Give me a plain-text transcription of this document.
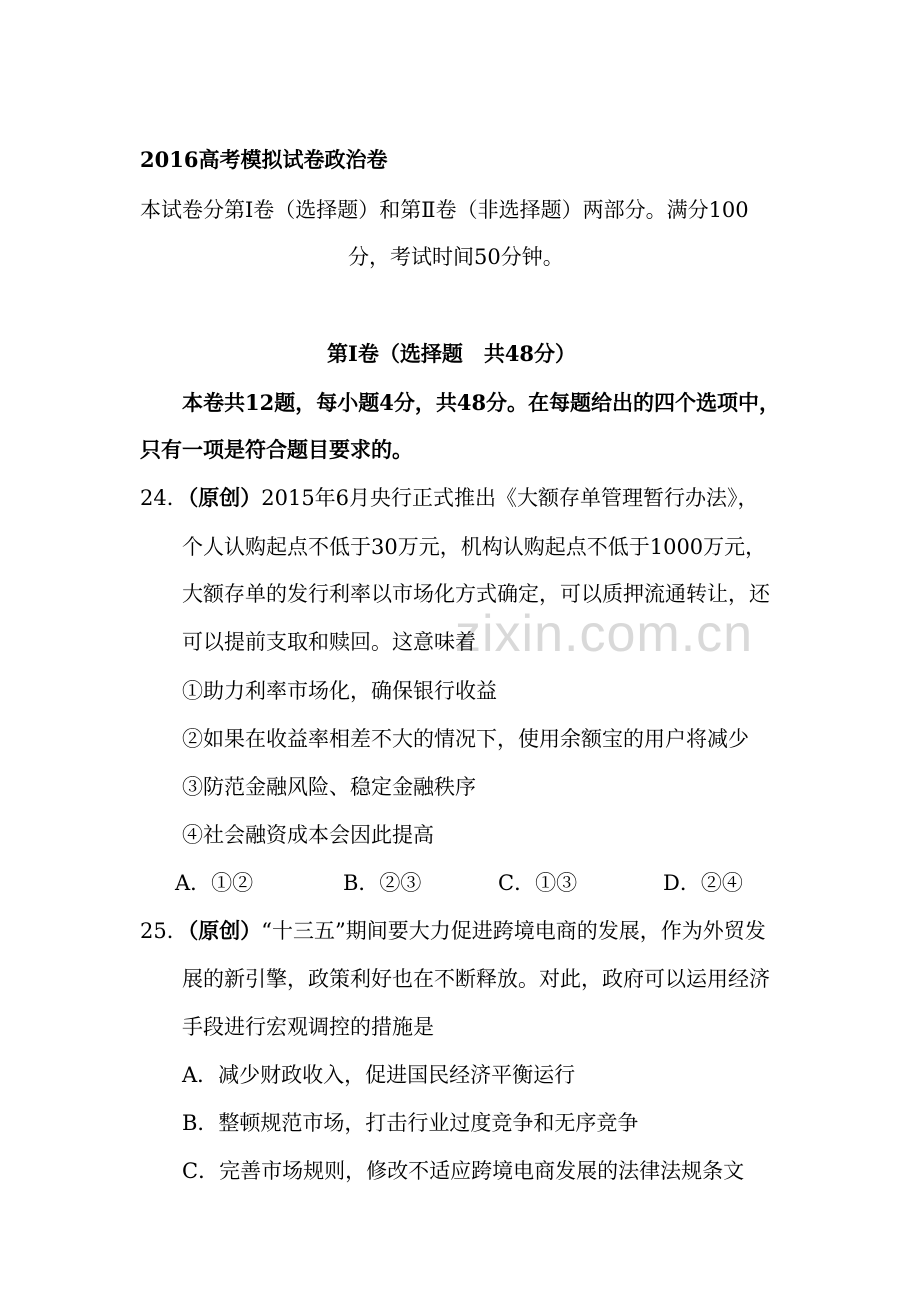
zixin.com.cn
2016高考模拟试卷政治卷
本试卷分第Ⅰ卷（选择题）和第Ⅱ卷（非选择题）两部分。满分100
分，考试时间50分钟。
第Ⅰ卷（选择题　共48分）
本卷共12题，每小题4分，共48分。在每题给出的四个选项中，
只有一项是符合题目要求的。
24．（原创）2015年6月央行正式推出《大额存单管理暂行办法》，
个人认购起点不低于30万元，机构认购起点不低于1000万元，
大额存单的发行利率以市场化方式确定，可以质押流通转让，还
可以提前支取和赎回。这意味着
①助力利率市场化，确保银行收益
②如果在收益率相差不大的情况下，使用余额宝的用户将减少
③防范金融风险、稳定金融秩序
④社会融资成本会因此提高
A．①②	B．②③	C．①③	D．②④
25．（原创）“十三五”期间要大力促进跨境电商的发展，作为外贸发
展的新引擎，政策利好也在不断释放。对此，政府可以运用经济
手段进行宏观调控的措施是
A．减少财政收入，促进国民经济平衡运行
B．整顿规范市场，打击行业过度竞争和无序竞争
C．完善市场规则，修改不适应跨境电商发展的法律法规条文
